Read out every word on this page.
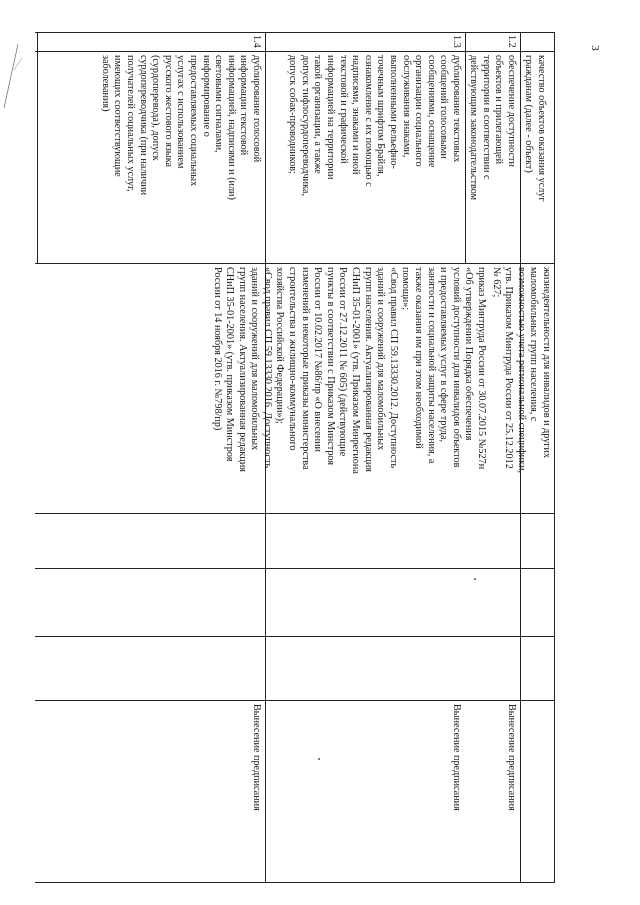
3
качество объектов оказания услуг
гражданам (далее - объект)
жизнедеятельности для инвалидов и других
маломобильных групп населения, с
возможностью учета региональной специфики,
утв. Приказом Минтруда России от 25.12.2012
№ 627;
1.2
обеспечение доступности
объектов и прилегающей
территории в соответствии с
действующим законодательством
приказ Минтруда России от 30.07.2015 №527н
«Об утверждении Порядка обеспечения
условий доступности для инвалидов объектов
и предоставляемых услуг в сфере труда,
занятости и социальной защиты населения, а
также оказания им при этом необходимой
помощи»;
«Свод правил СП 59.13330.2012. Доступность
зданий и сооружений для маломобильных
групп населения. Актуализированная редакция
СНиП 35-01-2001» (утв. Приказом Минрегиона
России от 27.12.2011 № 605) (действующие
пункты в соответствии с Приказом Минстроя
России от 10.02.2017 №86/пр «О внесении
изменений в некоторые приказы министерства
строительства и жилищно-коммунального
хозяйства Российской Федерации»);
«Свод правил СП 59.13330.2016. Доступность
зданий и сооружений для маломобильных
групп населения. Актуализированная редакция
СНиП 35-01-2001» (утв. приказом Минстроя
России от 14 ноября 2016 г. №798/пр)
Вынесение предписания
1.3
дублирование текстовых
сообщений голосовыми
сообщениями, оснащение
организации социального
обслуживания знаками,
выполненными рельефно-
точечным шрифтом Брайля,
ознакомление с их помощью с
надписями, знаками и иной
текстовой и графической
информацией на территории
такой организации, а также
допуск тифлосурдопереводчика,
допуск собак-проводников;
Вынесение предписания
1.4
дублирование голосовой
информации текстовой
информацией, надписями и (или)
световыми сигналами,
информирование о
предоставляемых социальных
услугах с использованием
русского жестового языка
(сурдоперевода), допуск
сурдопереводчика (при наличии
получателей социальных услуг,
имеющих соответствующие
заболевания)
Вынесение предписания
